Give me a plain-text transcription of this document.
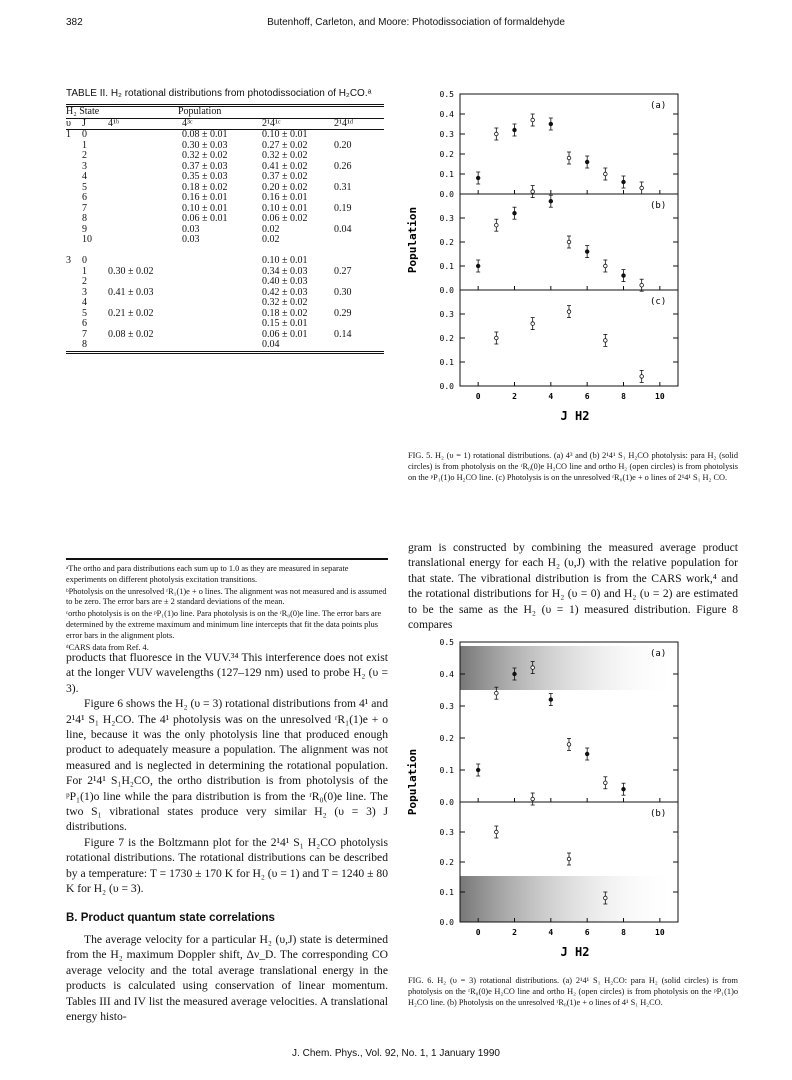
382	Butenhoff, Carleton, and Moore: Photodissociation of formaldehyde
TABLE II. H₂ rotational distributions from photodissociation of H₂CO.ᵃ
H₂ State		Population			
υ	J	4¹ᵇ	4³ᶜ	2¹4¹ᶜ	2¹4¹ᵈ
1	0		0.08 ± 0.01	0.10 ± 0.01	
	1		0.30 ± 0.03	0.27 ± 0.02	0.20
	2		0.32 ± 0.02	0.32 ± 0.02	
	3		0.37 ± 0.03	0.41 ± 0.02	0.26
	4		0.35 ± 0.03	0.37 ± 0.02	
	5		0.18 ± 0.02	0.20 ± 0.02	0.31
	6		0.16 ± 0.01	0.16 ± 0.01	
	7		0.10 ± 0.01	0.10 ± 0.01	0.19
	8		0.06 ± 0.01	0.06 ± 0.02	
	9		0.03	0.02	0.04
	10		0.03	0.02	

3	0			0.10 ± 0.01	
	1	0.30 ± 0.02		0.34 ± 0.03	0.27
	2			0.40 ± 0.03	
	3	0.41 ± 0.03		0.42 ± 0.03	0.30
	4			0.32 ± 0.02	
	5	0.21 ± 0.02		0.18 ± 0.02	0.29
	6			0.15 ± 0.01	
	7	0.08 ± 0.02		0.06 ± 0.01	0.14
	8			0.04	

ᵃThe ortho and para distributions each sum up to 1.0 as they are measured in separate experiments on different photolysis excitation transitions.

ᵇPhotolysis on the unresolved ʳR₁(1)e + o lines. The alignment was not measured and is assumed to be zero. The error bars are ± 2 standard deviations of the mean.

ᶜortho photolysis is on the ᵖP₁(1)o line. Para photolysis is on the ʳR₀(0)e line. The error bars are determined by the extreme maximum and minimum line intercepts that fit the data points plus error bars in the alignment plots.

ᵈCARS data from Ref. 4.

products that fluoresce in the VUV.³⁴ This interference does not exist at the longer VUV wavelengths (127–129 nm) used to probe H₂ (υ = 3).

Figure 6 shows the H₂ (υ = 3) rotational distributions from 4¹ and 2¹4¹ S₁ H₂CO. The 4¹ photolysis was on the unresolved ʳR₁(1)e + o line, because it was the only photolysis line that produced enough product to adequately measure a population. The alignment was not measured and is neglected in determining the rotational population. For 2¹4¹ S₁H₂CO, the ortho distribution is from photolysis of the ᵖP₁(1)o line while the para distribution is from the ʳR₀(0)e line. The two S₁ vibrational states produce very similar H₂ (υ = 3) J distributions.

Figure 7 is the Boltzmann plot for the 2¹4¹ S₁ H₂CO photolysis rotational distributions. The rotational distributions can be described by a temperature: T = 1730 ± 170 K for H₂ (υ = 1) and T = 1240 ± 80 K for H₂ (υ = 3).

B. Product quantum state correlations

The average velocity for a particular H₂ (υ,J) state is determined from the H₂ maximum Doppler shift, Δν_D. The corresponding CO average velocity and the total average translational energy in the products is calculated using conservation of linear momentum. Tables III and IV list the measured average velocities. A translational energy histo-

gram is constructed by combining the measured average product translational energy for each H₂ (υ,J) with the relative population for that state. The vibrational distribution is from the CARS work,⁴ and the rotational distributions for H₂ (υ = 0) and H₂ (υ = 2) are estimated to be the same as the H₂ (υ = 1) measured distribution. Figure 8 compares

0.0
0.1
0.2
0.3
0.4
0.5
(a)
0.0
0.1
0.2
0.3
(b)
0.0
0.1
0.2
0.3
(c)
0	2	4	6	8	10
Population
J H2
FIG. 5. H₂ (υ = 1) rotational distributions. (a) 4³ and (b) 2¹4¹ S₁ H₂CO photolysis: para H₂ (solid circles) is from photolysis on the ʳR₀(0)e H₂CO line and ortho H₂ (open circles) is from photolysis on the ᵖP₁(1)o H₂CO line. (c) Photolysis is on the unresolved ʳR₀(1)e + o lines of 2¹4¹ S₁ H₂ CO.
0.0
0.1
0.2
0.3
0.4
0.5
(a)
0.0
0.1
0.2
0.3
(b)
0	2	4	6	8	10
Population
J H2
FIG. 6. H₂ (υ = 3) rotational distributions. (a) 2¹4¹ S₁ H₂CO: para H₂ (solid circles) is from photolysis on the ʳR₀(0)e H₂CO line and ortho H₂ (open circles) is from photolysis on the ᵖP₁(1)o H₂CO line. (b) Photolysis on the unresolved ʳR₀(1)e + o lines of 4¹ S₁ H₂CO.
J. Chem. Phys., Vol. 92, No. 1, 1 January 1990
